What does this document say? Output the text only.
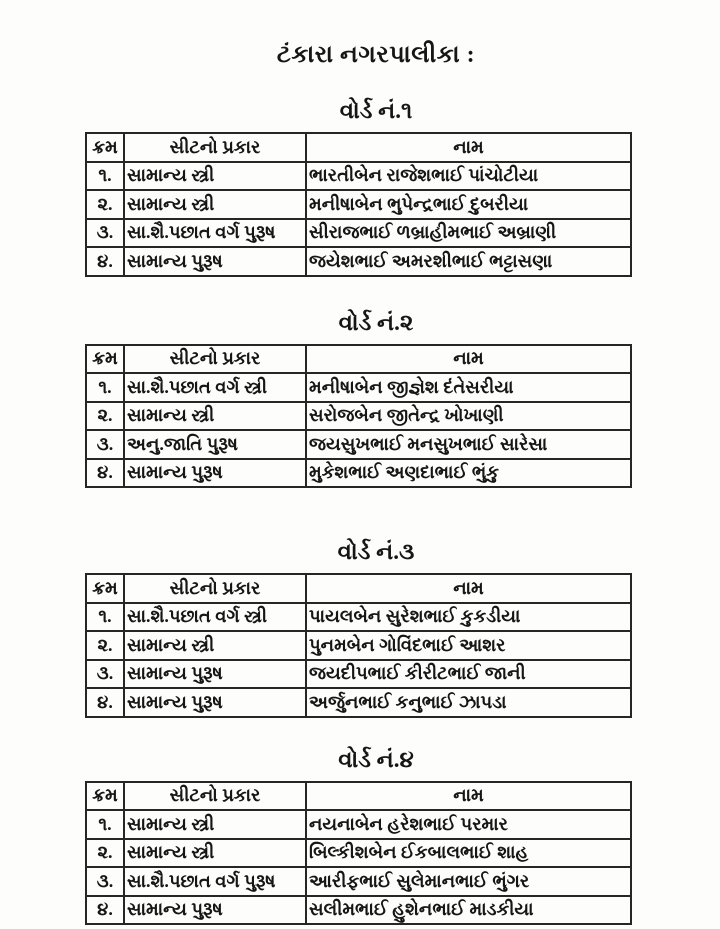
ટંકારા નગરપાલીકા :
વોર્ડ નં.૧
ક્રમ	સીટનો પ્રકાર	નામ
૧.	સામાન્ય સ્ત્રી	ભારતીબેન રાજેશભાઈ પાંચોટીયા
૨.	સામાન્ય સ્ત્રી	મનીષાબેન ભુપેન્દ્રભાઈ દુબરીયા
૩.	સા.શૈ.પછાત વર્ગ પુરૂષ	સીરાજભાઈ ળબ્રાહીમભાઈ અબ્રાણી
૪.	સામાન્ય પુરૂષ	જયેશભાઈ અમરશીભાઈ ભટ્ટાસણા
વોર્ડ નં.૨
ક્રમ	સીટનો પ્રકાર	નામ
૧.	સા.શૈ.પછાત વર્ગ સ્ત્રી	મનીષાબેન જીજ્ઞેશ દંતેસરીયા
૨.	સામાન્ય સ્ત્રી	સરોજબેન જીતેન્દ્ર ખોખાણી
૩.	અનુ.જાતિ પુરૂષ	જયસુખભાઈ મનસુખભાઈ સારેસા
૪.	સામાન્ય પુરૂષ	મુકેશભાઈ અણદાભાઈ ભુંકુ
વોર્ડ નં.૩
ક્રમ	સીટનો પ્રકાર	નામ
૧.	સા.શૈ.પછાત વર્ગ સ્ત્રી	પાયલબેન સુરેશભાઈ કુકડીયા
૨.	સામાન્ય સ્ત્રી	પુનમબેન ગોવિંદભાઈ આશર
૩.	સામાન્ય પુરૂષ	જયદીપભાઈ કીરીટભાઈ જાની
૪.	સામાન્ય પુરૂષ	અર્જુનભાઈ કનુભાઈ ઝાપડા
વોર્ડ નં.૪
ક્રમ	સીટનો પ્રકાર	નામ
૧.	સામાન્ય સ્ત્રી	નયનાબેન હરેશભાઈ પરમાર
૨.	સામાન્ય સ્ત્રી	બિલ્કીશબેન ઈકબાલભાઈ શાહ
૩.	સા.શૈ.પછાત વર્ગ પુરૂષ	આરીફભાઈ સુલેમાનભાઈ ભુંગર
૪.	સામાન્ય પુરૂષ	સલીમભાઈ હુશેનભાઈ માડકીયા
